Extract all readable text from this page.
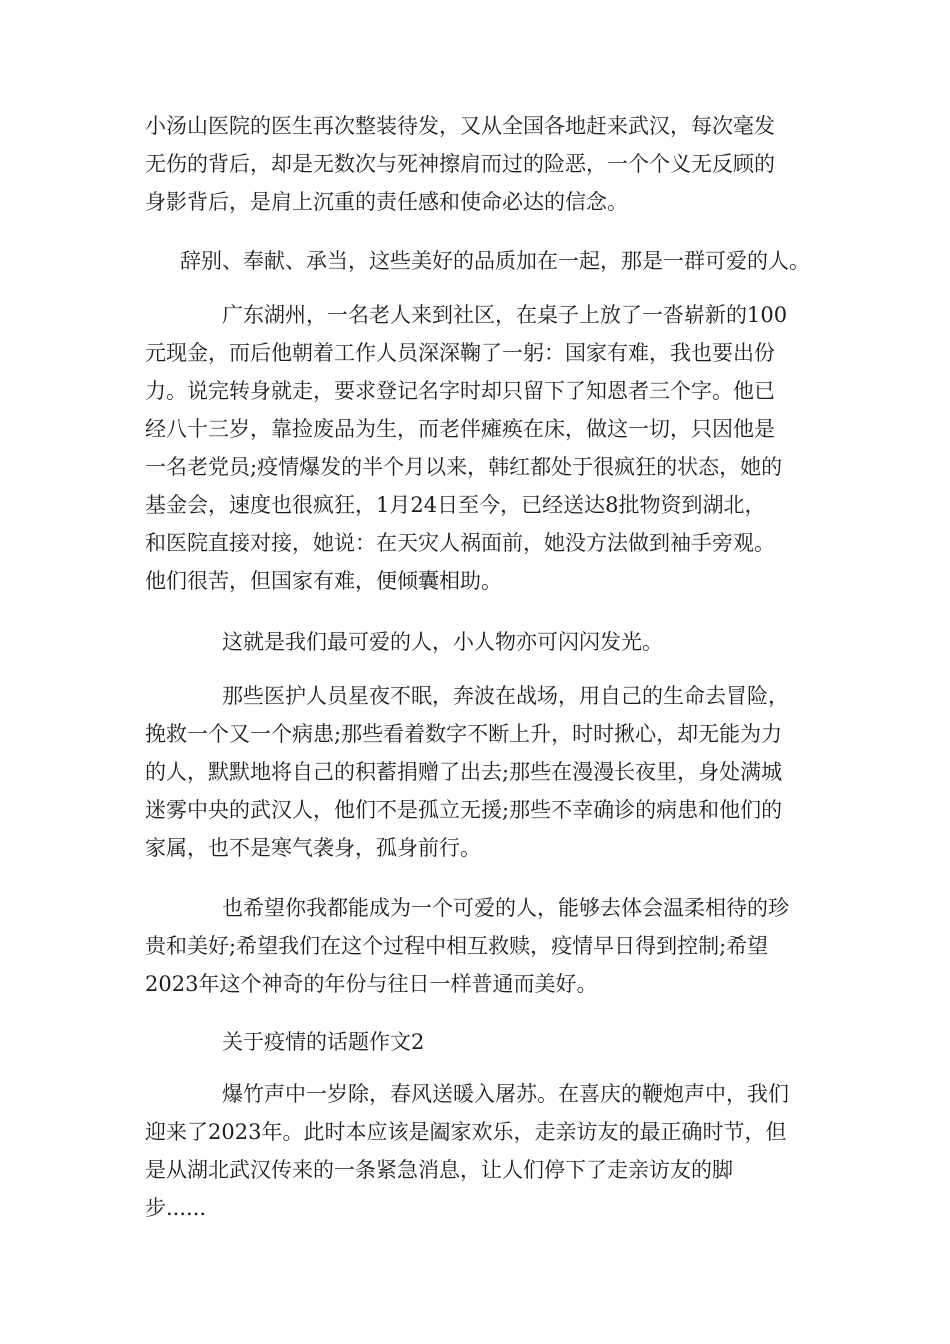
小汤山医院的医生再次整装待发，又从全国各地赶来武汉，每次毫发
无伤的背后，却是无数次与死神擦肩而过的险恶，一个个义无反顾的
身影背后，是肩上沉重的责任感和使命必达的信念。
辞别、奉献、承当，这些美好的品质加在一起，那是一群可爱的人。
广东湖州，一名老人来到社区，在桌子上放了一沓崭新的100
元现金，而后他朝着工作人员深深鞠了一躬：国家有难，我也要出份
力。说完转身就走，要求登记名字时却只留下了知恩者三个字。他已
经八十三岁，靠捡废品为生，而老伴瘫痪在床，做这一切，只因他是
一名老党员;疫情爆发的半个月以来，韩红都处于很疯狂的状态，她的
基金会，速度也很疯狂，1月24日至今，已经送达8批物资到湖北，
和医院直接对接，她说：在天灾人祸面前，她没方法做到袖手旁观。
他们很苦，但国家有难，便倾囊相助。
这就是我们最可爱的人，小人物亦可闪闪发光。
那些医护人员星夜不眠，奔波在战场，用自己的生命去冒险，
挽救一个又一个病患;那些看着数字不断上升，时时揪心，却无能为力
的人，默默地将自己的积蓄捐赠了出去;那些在漫漫长夜里，身处满城
迷雾中央的武汉人，他们不是孤立无援;那些不幸确诊的病患和他们的
家属，也不是寒气袭身，孤身前行。
也希望你我都能成为一个可爱的人，能够去体会温柔相待的珍
贵和美好;希望我们在这个过程中相互救赎，疫情早日得到控制;希望
2023年这个神奇的年份与往日一样普通而美好。
关于疫情的话题作文2
爆竹声中一岁除，春风送暖入屠苏。在喜庆的鞭炮声中，我们
迎来了2023年。此时本应该是阖家欢乐，走亲访友的最正确时节，但
是从湖北武汉传来的一条紧急消息，让人们停下了走亲访友的脚
步......
